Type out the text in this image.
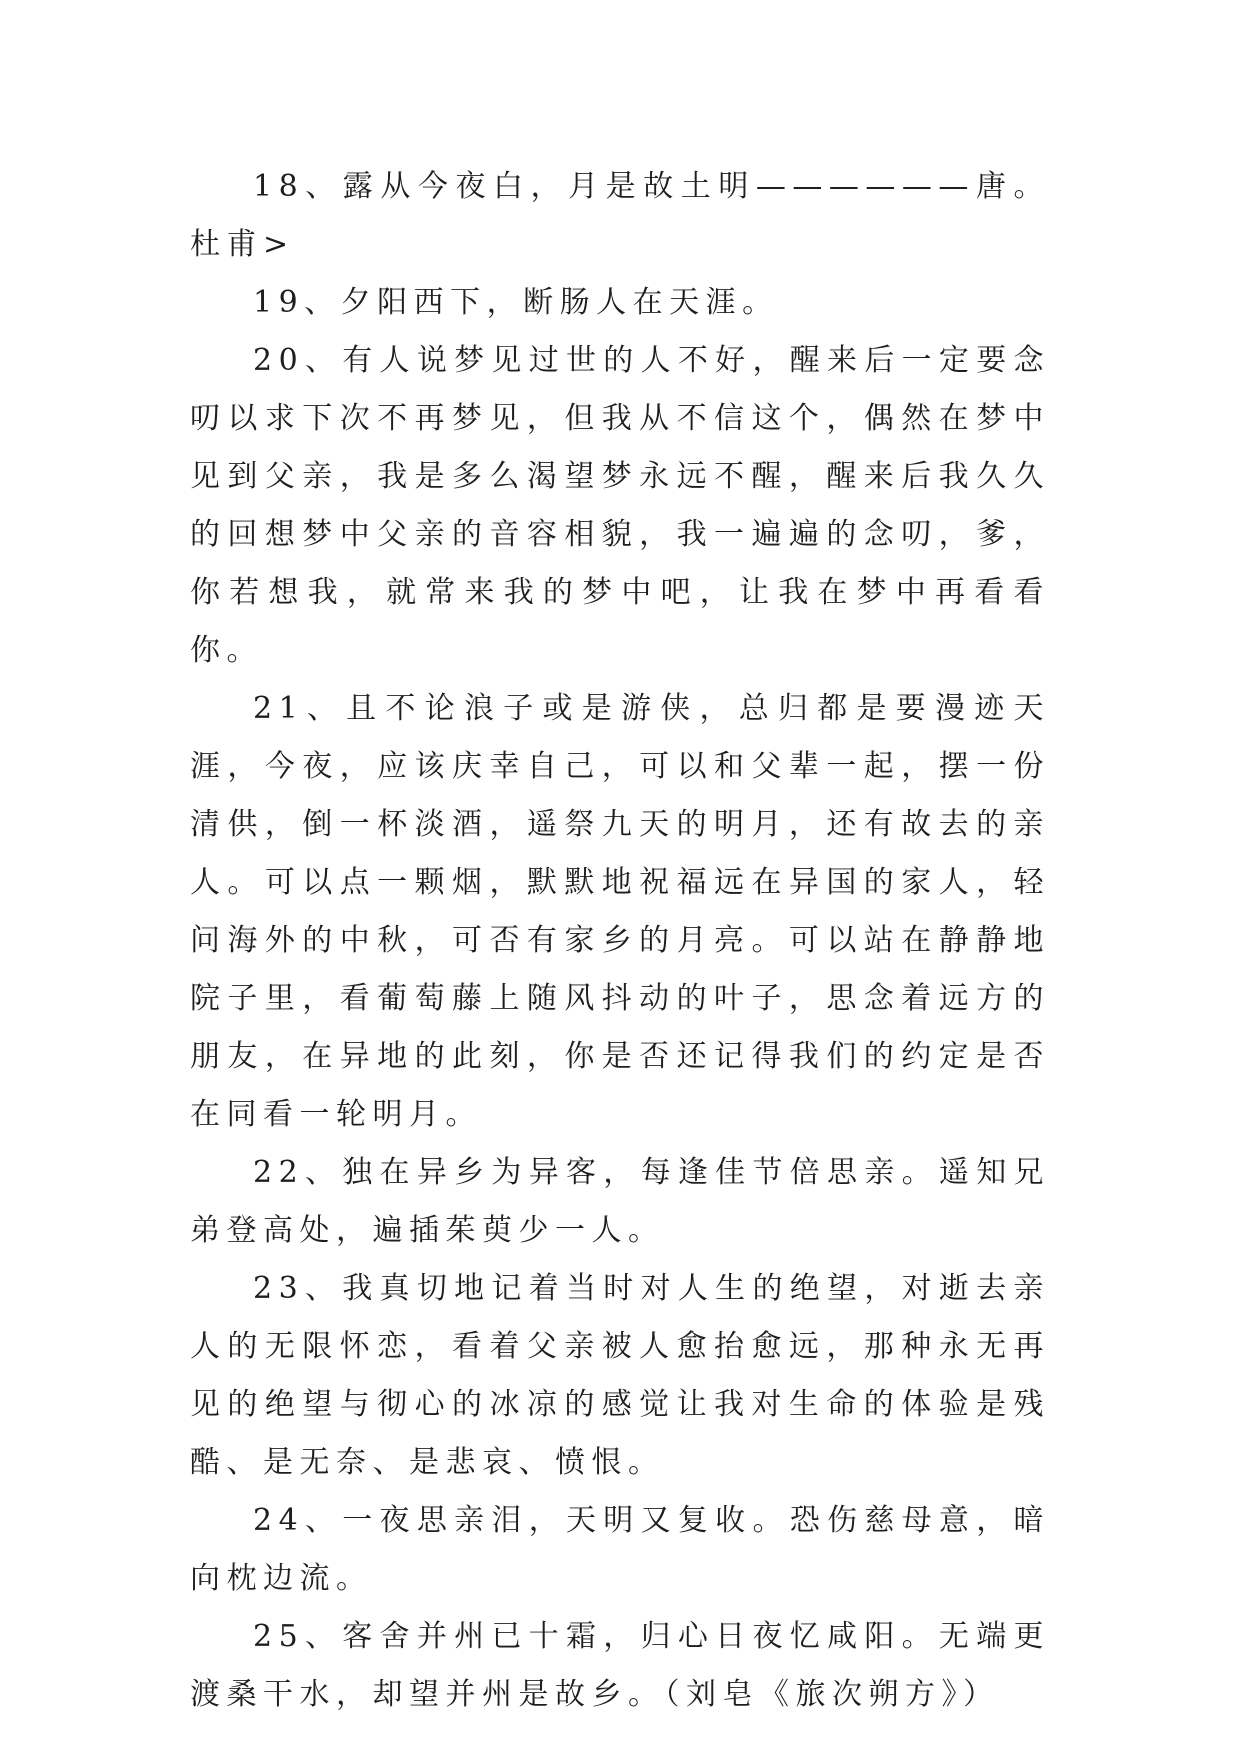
18、露从今夜白，月是故土明——————唐。杜甫>

19、夕阳西下，断肠人在天涯。

20、有人说梦见过世的人不好，醒来后一定要念叨以求下次不再梦见，但我从不信这个，偶然在梦中见到父亲，我是多么渴望梦永远不醒，醒来后我久久的回想梦中父亲的音容相貌，我一遍遍的念叨，爹，你若想我，就常来我的梦中吧，让我在梦中再看看你。

21、且不论浪子或是游侠，总归都是要漫迹天涯，今夜，应该庆幸自己，可以和父辈一起，摆一份清供，倒一杯淡酒，遥祭九天的明月，还有故去的亲人。可以点一颗烟，默默地祝福远在异国的家人，轻问海外的中秋，可否有家乡的月亮。可以站在静静地院子里，看葡萄藤上随风抖动的叶子，思念着远方的朋友，在异地的此刻，你是否还记得我们的约定是否在同看一轮明月。

22、独在异乡为异客，每逢佳节倍思亲。遥知兄弟登高处，遍插茱萸少一人。

23、我真切地记着当时对人生的绝望，对逝去亲人的无限怀恋，看着父亲被人愈抬愈远，那种永无再见的绝望与彻心的冰凉的感觉让我对生命的体验是残酷、是无奈、是悲哀、愤恨。

24、一夜思亲泪，天明又复收。恐伤慈母意，暗向枕边流。

25、客舍并州已十霜，归心日夜忆咸阳。无端更渡桑干水，却望并州是故乡。（刘皂《旅次朔方》）
